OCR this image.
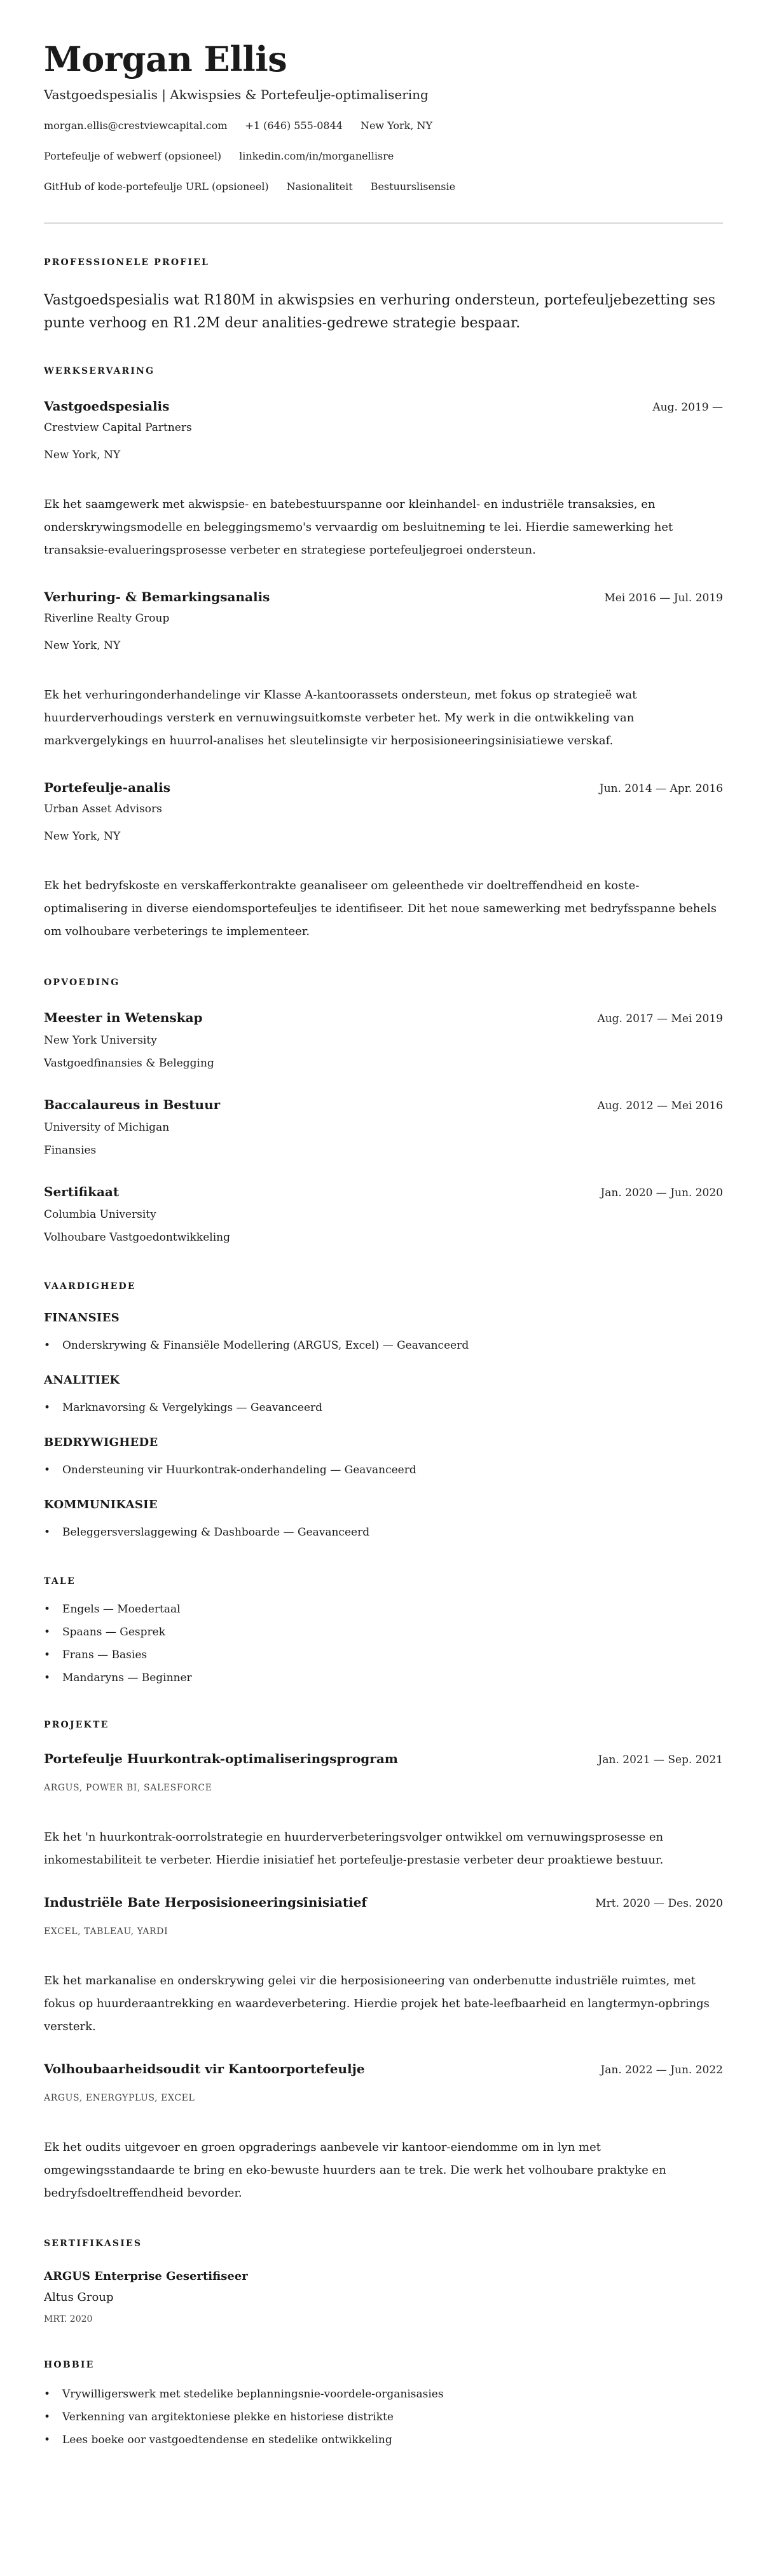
Morgan Ellis
Vastgoedspesialis | Akwispsies & Portefeulje-optimalisering
morgan.ellis@crestviewcapital.com +1 (646) 555-0844 New York, NY
Portefeulje of webwerf (opsioneel) linkedin.com/in/morganellisre
GitHub of kode-portefeulje URL (opsioneel) Nasionaliteit Bestuurslisensie
PROFESSIONELE PROFIEL

Vastgoedspesialis wat R180M in akwispsies en verhuring ondersteun, portefeuljebezetting ses punte verhoog en R1.2M deur analities-gedrewe strategie bespaar.

WERKSERVARING
Vastgoedspesialis	Aug. 2019 —
Crestview Capital Partners
New York, NY
Ek het saamgewerk met akwispsie- en batebestuurspanne oor kleinhandel- en industriële transaksies, en onderskrywingsmodelle en beleggingsmemo's vervaardig om besluitneming te lei. Hierdie samewerking het transaksie-evalueringsprosesse verbeter en strategiese portefeuljegroei ondersteun.
Verhuring- & Bemarkingsanalis	Mei 2016 — Jul. 2019
Riverline Realty Group
New York, NY
Ek het verhuringonderhandelinge vir Klasse A-kantoorassets ondersteun, met fokus op strategieë wat huurderverhoudings versterk en vernuwingsuitkomste verbeter het. My werk in die ontwikkeling van markvergelykings en huurrol-analises het sleutelinsigte vir herposisioneeringsinisiatiewe verskaf.
Portefeulje-analis	Jun. 2014 — Apr. 2016
Urban Asset Advisors
New York, NY
Ek het bedryfskoste en verskafferkontrakte geanaliseer om geleenthede vir doeltreffendheid en koste-optimalisering in diverse eiendomsportefeuljes te identifiseer. Dit het noue samewerking met bedryfsspanne behels om volhoubare verbeterings te implementeer.
OPVOEDING
Meester in Wetenskap	Aug. 2017 — Mei 2019
New York University
Vastgoedfinansies & Belegging
Baccalaureus in Bestuur	Aug. 2012 — Mei 2016
University of Michigan
Finansies
Sertifikaat	Jan. 2020 — Jun. 2020
Columbia University
Volhoubare Vastgoedontwikkeling
VAARDIGHEDE
FINANSIES
• Onderskrywing & Finansiële Modellering (ARGUS, Excel) — Geavanceerd
ANALITIEK
• Marknavorsing & Vergelykings — Geavanceerd
BEDRYWIGHEDE
• Ondersteuning vir Huurkontrak-onderhandeling — Geavanceerd
KOMMUNIKASIE
• Beleggersverslaggewing & Dashboarde — Geavanceerd
TALE
• Engels — Moedertaal
• Spaans — Gesprek
• Frans — Basies
• Mandaryns — Beginner
PROJEKTE
Portefeulje Huurkontrak-optimaliseringsprogram	Jan. 2021 — Sep. 2021
ARGUS, POWER BI, SALESFORCE
Ek het 'n huurkontrak-oorrolstrategie en huurderverbeteringsvolger ontwikkel om vernuwingsprosesse en inkomestabiliteit te verbeter. Hierdie inisiatief het portefeulje-prestasie verbeter deur proaktiewe bestuur.
Industriële Bate Herposisioneeringsinisiatief	Mrt. 2020 — Des. 2020
EXCEL, TABLEAU, YARDI
Ek het markanalise en onderskrywing gelei vir die herposisioneering van onderbenutte industriële ruimtes, met fokus op huurderaantrekking en waardeverbetering. Hierdie projek het bate-leefbaarheid en langtermyn-opbrings versterk.
Volhoubaarheidsoudit vir Kantoorportefeulje	Jan. 2022 — Jun. 2022
ARGUS, ENERGYPLUS, EXCEL
Ek het oudits uitgevoer en groen opgraderings aanbevele vir kantoor-eiendomme om in lyn met omgewingsstandaarde te bring en eko-bewuste huurders aan te trek. Die werk het volhoubare praktyke en bedryfsdoeltreffendheid bevorder.
SERTIFIKASIES
ARGUS Enterprise Gesertifiseer
Altus Group
MRT. 2020
HOBBIE
• Vrywilligerswerk met stedelike beplanningsnie-voordele-organisasies
• Verkenning van argitektoniese plekke en historiese distrikte
• Lees boeke oor vastgoedtendense en stedelike ontwikkeling
